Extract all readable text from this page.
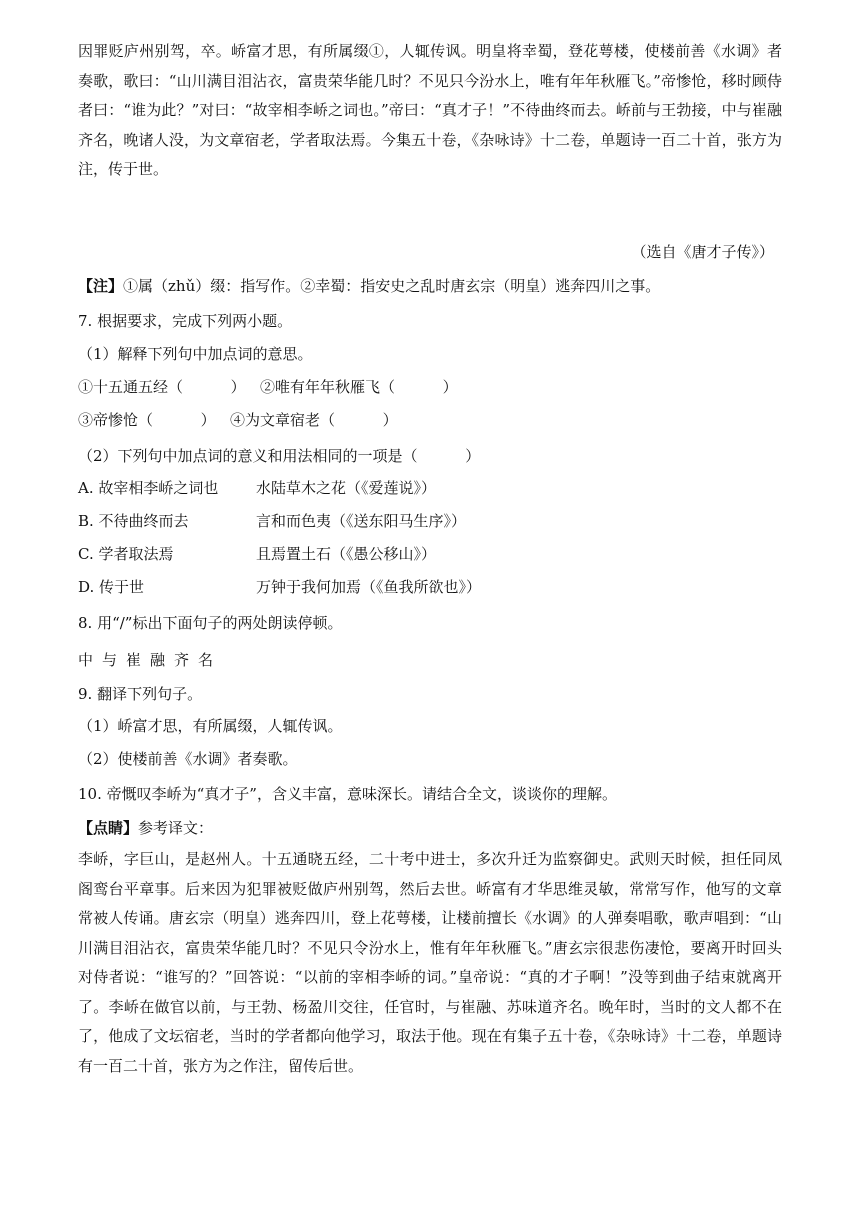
因罪贬庐州别驾，卒。峤富才思，有所属缀①，人辄传讽。明皇将幸蜀，登花萼楼，使楼前善《水调》者奏歌，歌曰：“山川满目泪沾衣，富贵荣华能几时？不见只今汾水上，唯有年年秋雁飞。”帝惨怆，移时顾侍者曰：“谁为此？”对曰：“故宰相李峤之词也。”帝曰：“真才子！”不待曲终而去。峤前与王勃接，中与崔融齐名，晚诸人没，为文章宿老，学者取法焉。今集五十卷，《杂咏诗》十二卷，单题诗一百二十首，张方为注，传于世。
（选自《唐才子传》）
【注】①属（zhǔ）缀：指写作。②幸蜀：指安史之乱时唐玄宗（明皇）逃奔四川之事。
7. 根据要求，完成下列两小题。
（1）解释下列句中加点词的意思。
①十五通五经（          ）   ②唯有年年秋雁飞（          ）
③帝惨怆（          ）   ④为文章宿老（          ）
（2）下列句中加点词的意义和用法相同的一项是（          ）
A. 故宰相李峤之词也	水陆草木之花（《爱莲说》）
B. 不待曲终而去	言和而色夷（《送东阳马生序》）
C. 学者取法焉	且焉置土石（《愚公移山》）
D. 传于世	万钟于我何加焉（《鱼我所欲也》）
8. 用“/”标出下面句子的两处朗读停顿。
中与崔融齐名
9. 翻译下列句子。
（1）峤富才思，有所属缀，人辄传讽。
（2）使楼前善《水调》者奏歌。
10. 帝慨叹李峤为“真才子”，含义丰富，意味深长。请结合全文，谈谈你的理解。
【点睛】参考译文：
李峤，字巨山，是赵州人。十五通晓五经，二十考中进士，多次升迁为监察御史。武则天时候，担任同凤阁鸾台平章事。后来因为犯罪被贬做庐州别驾，然后去世。峤富有才华思维灵敏，常常写作，他写的文章常被人传诵。唐玄宗（明皇）逃奔四川，登上花萼楼，让楼前擅长《水调》的人弹奏唱歌，歌声唱到：“山川满目泪沾衣，富贵荣华能几时？不见只令汾水上，惟有年年秋雁飞。”唐玄宗很悲伤凄怆，要离开时回头对侍者说：“谁写的？”回答说：“以前的宰相李峤的词。”皇帝说：“真的才子啊！”没等到曲子结束就离开了。李峤在做官以前，与王勃、杨盈川交往，任官时，与崔融、苏味道齐名。晚年时，当时的文人都不在了，他成了文坛宿老，当时的学者都向他学习，取法于他。现在有集子五十卷，《杂咏诗》十二卷，单题诗有一百二十首，张方为之作注，留传后世。
